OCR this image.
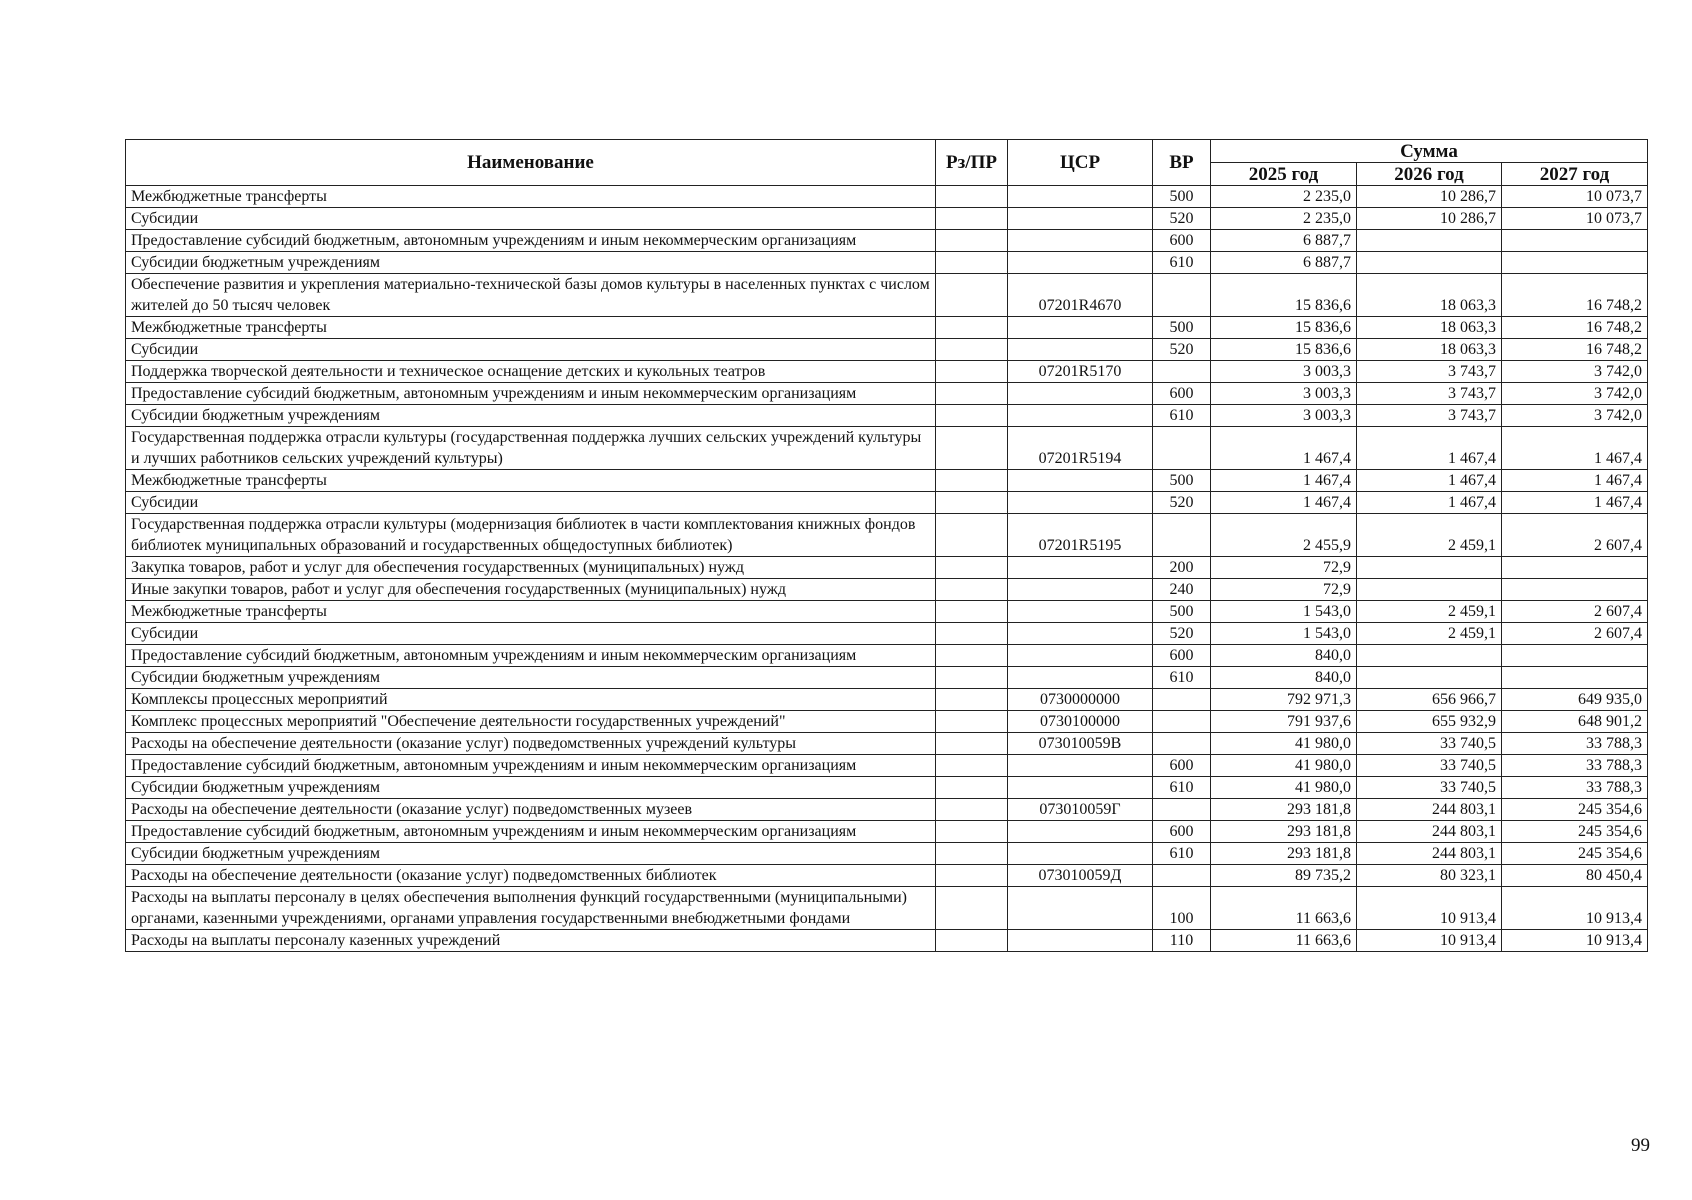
Наименование	Рз/ПР	ЦСР	ВР	Сумма		
				2025 год	2026 год	2027 год
Межбюджетные трансферты			500	2 235,0	10 286,7	10 073,7
Субсидии			520	2 235,0	10 286,7	10 073,7
Предоставление субсидий бюджетным, автономным учреждениям и иным некоммерческим организациям			600	6 887,7		
Субсидии бюджетным учреждениям			610	6 887,7		
Обеспечение развития и укрепления материально-технической базы домов культуры в населенных пунктах с числом жителей до 50 тысяч человек		07201R4670		15 836,6	18 063,3	16 748,2
Межбюджетные трансферты			500	15 836,6	18 063,3	16 748,2
Субсидии			520	15 836,6	18 063,3	16 748,2
Поддержка творческой деятельности и техническое оснащение детских и кукольных театров		07201R5170		3 003,3	3 743,7	3 742,0
Предоставление субсидий бюджетным, автономным учреждениям и иным некоммерческим организациям			600	3 003,3	3 743,7	3 742,0
Субсидии бюджетным учреждениям			610	3 003,3	3 743,7	3 742,0
Государственная поддержка отрасли культуры (государственная поддержка лучших сельских учреждений культуры и лучших работников сельских учреждений культуры)		07201R5194		1 467,4	1 467,4	1 467,4
Межбюджетные трансферты			500	1 467,4	1 467,4	1 467,4
Субсидии			520	1 467,4	1 467,4	1 467,4
Государственная поддержка отрасли культуры (модернизация библиотек в части комплектования книжных фондов библиотек муниципальных образований и государственных общедоступных библиотек)		07201R5195		2 455,9	2 459,1	2 607,4
Закупка товаров, работ и услуг для обеспечения государственных (муниципальных) нужд			200	72,9		
Иные закупки товаров, работ и услуг для обеспечения государственных (муниципальных) нужд			240	72,9		
Межбюджетные трансферты			500	1 543,0	2 459,1	2 607,4
Субсидии			520	1 543,0	2 459,1	2 607,4
Предоставление субсидий бюджетным, автономным учреждениям и иным некоммерческим организациям			600	840,0		
Субсидии бюджетным учреждениям			610	840,0		
Комплексы процессных мероприятий		0730000000		792 971,3	656 966,7	649 935,0
Комплекс процессных мероприятий "Обеспечение деятельности государственных учреждений"		0730100000		791 937,6	655 932,9	648 901,2
Расходы на обеспечение деятельности (оказание услуг) подведомственных учреждений культуры		073010059В		41 980,0	33 740,5	33 788,3
Предоставление субсидий бюджетным, автономным учреждениям и иным некоммерческим организациям			600	41 980,0	33 740,5	33 788,3
Субсидии бюджетным учреждениям			610	41 980,0	33 740,5	33 788,3
Расходы на обеспечение деятельности (оказание услуг) подведомственных музеев		073010059Г		293 181,8	244 803,1	245 354,6
Предоставление субсидий бюджетным, автономным учреждениям и иным некоммерческим организациям			600	293 181,8	244 803,1	245 354,6
Субсидии бюджетным учреждениям			610	293 181,8	244 803,1	245 354,6
Расходы на обеспечение деятельности (оказание услуг) подведомственных библиотек		073010059Д		89 735,2	80 323,1	80 450,4
Расходы на выплаты персоналу в целях обеспечения выполнения функций государственными (муниципальными) органами, казенными учреждениями, органами управления государственными внебюджетными фондами			100	11 663,6	10 913,4	10 913,4
Расходы на выплаты персоналу казенных учреждений			110	11 663,6	10 913,4	10 913,4
99
